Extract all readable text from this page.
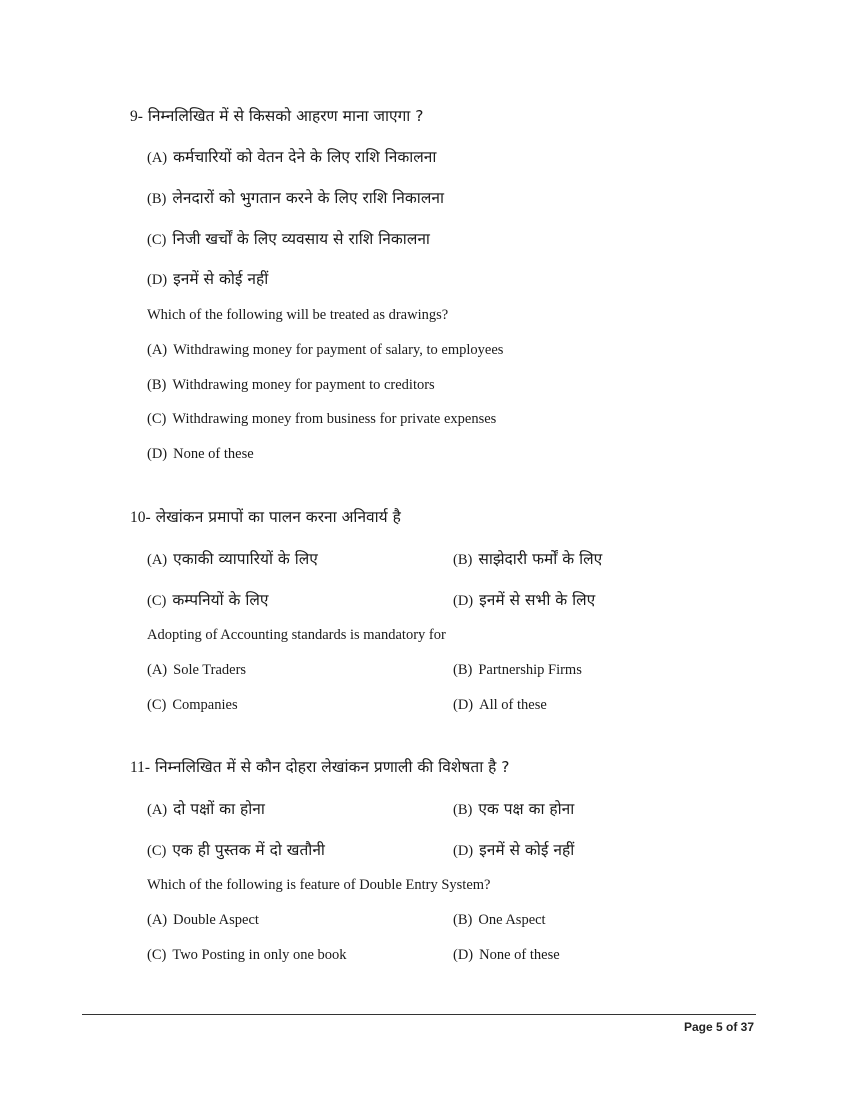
9- निम्नलिखित में से किसको आहरण माना जाएगा ?
(A) कर्मचारियों को वेतन देने के लिए राशि निकालना
(B) लेनदारों को भुगतान करने के लिए राशि निकालना
(C) निजी खर्चों के लिए व्यवसाय से राशि निकालना
(D) इनमें से कोई नहीं
Which of the following will be treated as drawings?
(A) Withdrawing money for payment of salary, to employees
(B) Withdrawing money for payment to creditors
(C) Withdrawing money from business for private expenses
(D) None of these
10- लेखांकन प्रमापों का पालन करना अनिवार्य है
(A) एकाकी व्यापारियों के लिए	(B) साझेदारी फर्मों के लिए
(C) कम्पनियों के लिए	(D) इनमें से सभी के लिए
Adopting of Accounting standards is mandatory for
(A) Sole Traders	(B) Partnership Firms
(C) Companies	(D) All of these
11- निम्नलिखित में से कौन दोहरा लेखांकन प्रणाली की विशेषता है ?
(A) दो पक्षों का होना	(B) एक पक्ष का होना
(C) एक ही पुस्तक में दो खतौनी	(D) इनमें से कोई नहीं
Which of the following is feature of Double Entry System?
(A) Double Aspect	(B) One Aspect
(C) Two Posting in only one book	(D) None of these
Page 5 of 37
